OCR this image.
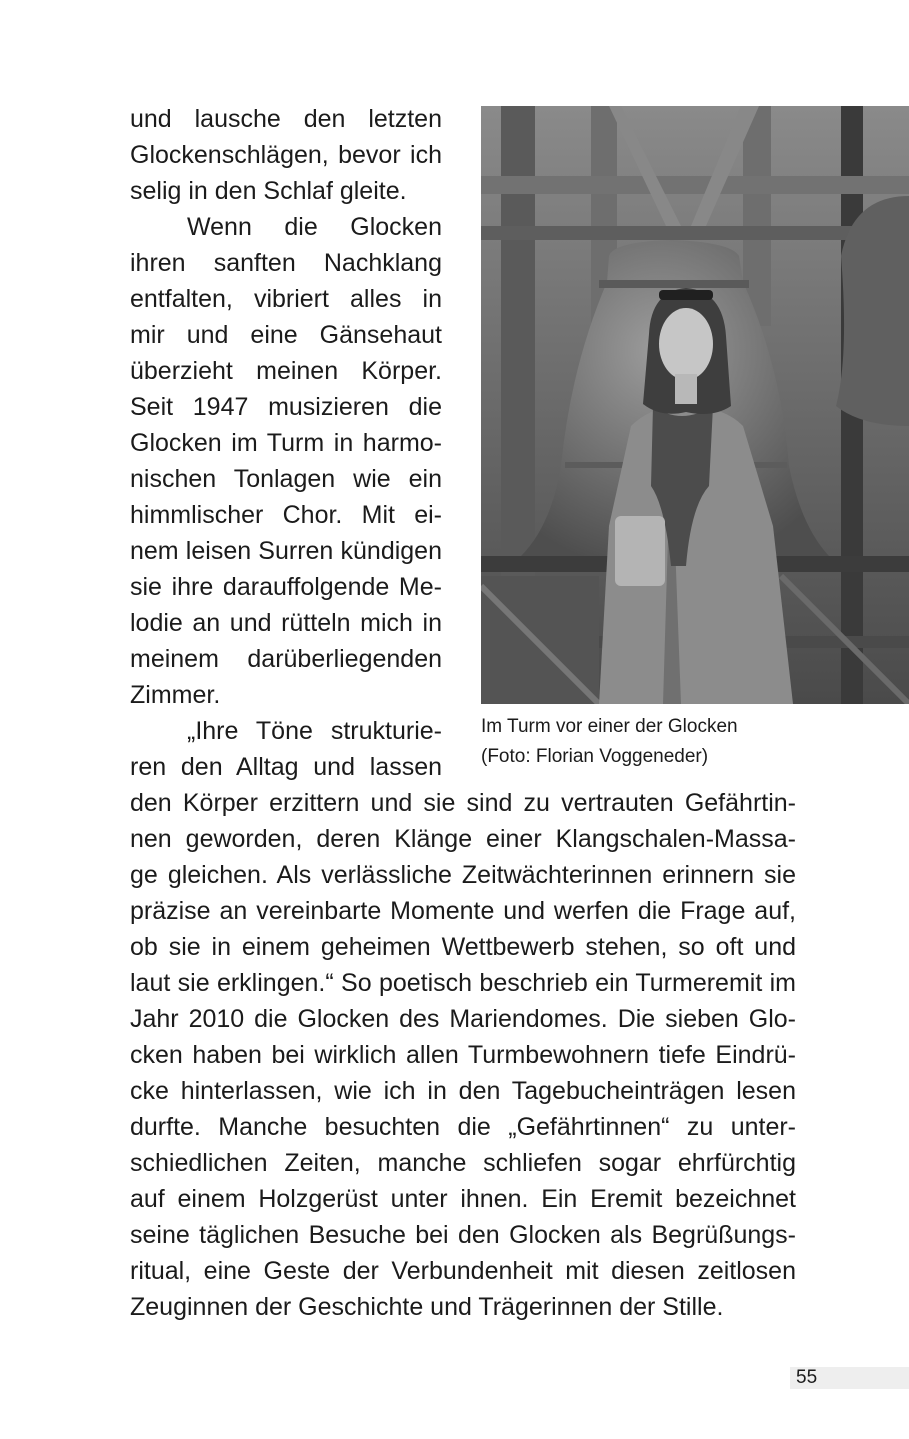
und lausche den letzten
Glockenschlägen, bevor ich
selig in den Schlaf gleite.
Wenn die Glocken
ihren sanften Nachklang
entfalten, vibriert alles in
mir und eine Gänsehaut
überzieht meinen Körper.
Seit 1947 musizieren die
Glocken im Turm in harmo-
nischen Tonlagen wie ein
himmlischer Chor. Mit ei-
nem leisen Surren kündigen
sie ihre darauffolgende Me-
lodie an und rütteln mich in
meinem darüberliegenden
Zimmer.
„Ihre Töne strukturie-
ren den Alltag und lassen
Im Turm vor einer der Glocken
(Foto: Florian Voggeneder)
den Körper erzittern und sie sind zu vertrauten Gefährtin-
nen geworden, deren Klänge einer Klangschalen-Massa-
ge gleichen. Als verlässliche Zeitwächterinnen erinnern sie
präzise an vereinbarte Momente und werfen die Frage auf,
ob sie in einem geheimen Wettbewerb stehen, so oft und
laut sie erklingen.“ So poetisch beschrieb ein Turmeremit im
Jahr 2010 die Glocken des Mariendomes. Die sieben Glo-
cken haben bei wirklich allen Turmbewohnern tiefe Eindrü-
cke hinterlassen, wie ich in den Tagebucheinträgen lesen
durfte. Manche besuchten die „Gefährtinnen“ zu unter-
schiedlichen Zeiten, manche schliefen sogar ehrfürchtig
auf einem Holzgerüst unter ihnen. Ein Eremit bezeichnet
seine täglichen Besuche bei den Glocken als Begrüßungs-
ritual, eine Geste der Verbundenheit mit diesen zeitlosen
Zeuginnen der Geschichte und Trägerinnen der Stille.
55
